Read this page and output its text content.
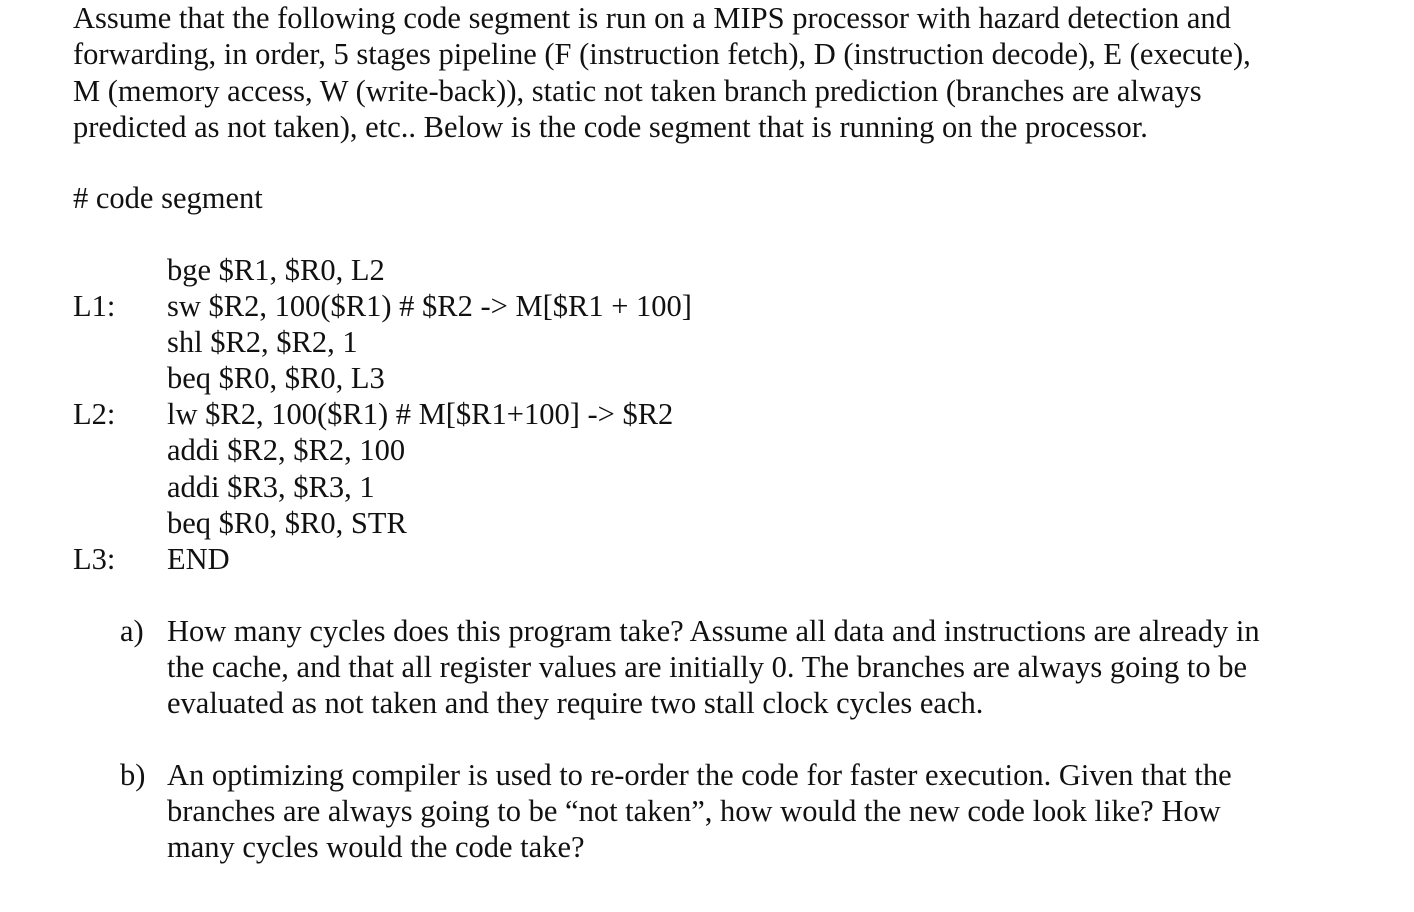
Assume that the following code segment is run on a MIPS processor with hazard detection and
forwarding, in order, 5 stages pipeline (F (instruction fetch), D (instruction decode), E (execute),
M (memory access, W (write-back)), static not taken branch prediction (branches are always
predicted as not taken), etc.. Below is the code segment that is running on the processor.

# code segment

bge $R1, $R0, L2
L1: sw $R2, 100($R1) # $R2 -> M[$R1 + 100]
shl $R2, $R2, 1
beq $R0, $R0, L3
L2: lw $R2, 100($R1) # M[$R1+100] -> $R2
addi $R2, $R2, 100
addi $R3, $R3, 1
beq $R0, $R0, STR
L3: END
a) How many cycles does this program take? Assume all data and instructions are already in
the cache, and that all register values are initially 0. The branches are always going to be
evaluated as not taken and they require two stall clock cycles each.
b) An optimizing compiler is used to re-order the code for faster execution. Given that the
branches are always going to be “not taken”, how would the new code look like? How
many cycles would the code take?
